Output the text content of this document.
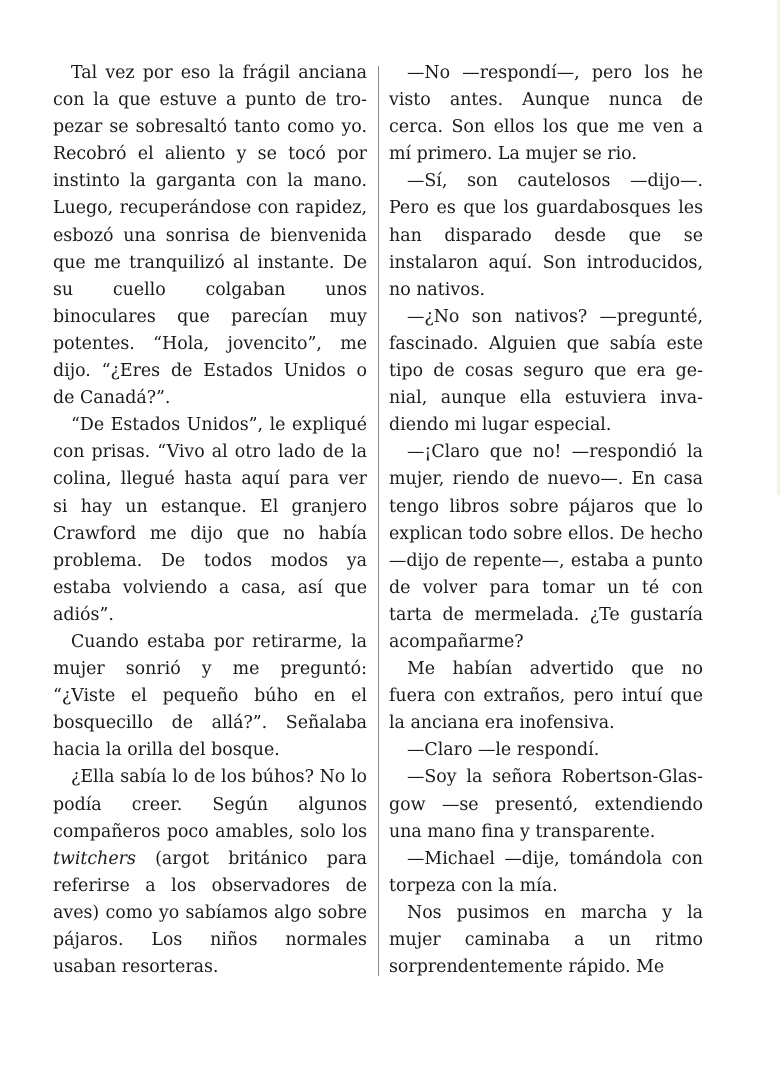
Tal vez por eso la frágil anciana con la que estuve a punto de tropezar se sobresaltó tanto como yo. Recobró el aliento y se tocó por instinto la garganta con la mano. Luego, recuperándose con rapidez, esbozó una sonrisa de bienvenida que me tranquilizó al instante. De su cuello colgaban unos binoculares que parecían muy potentes. “Hola, jovencito”, me dijo. “¿Eres de Estados Unidos o de Canadá?”.

“De Estados Unidos”, le expliqué con prisas. “Vivo al otro lado de la colina, llegué hasta aquí para ver si hay un estanque. El granjero Crawford me dijo que no había problema. De todos modos ya estaba volviendo a casa, así que adiós”.

Cuando estaba por retirarme, la mujer sonrió y me preguntó: “¿Viste el pequeño búho en el bosquecillo de allá?”. Señalaba hacia la orilla del bosque.

¿Ella sabía lo de los búhos? No lo podía creer. Según algunos compañeros poco amables, solo los twitchers (argot británico para referirse a los observadores de aves) como yo sabíamos algo sobre pájaros. Los niños normales usaban resorteras.

—No —respondí—, pero los he visto antes. Aunque nunca de cerca. Son ellos los que me ven a mí primero. La mujer se rio.

—Sí, son cautelosos —dijo—. Pero es que los guardabosques les han disparado desde que se instalaron aquí. Son introducidos, no nativos.

—¿No son nativos? —pregunté, fascinado. Alguien que sabía este tipo de cosas seguro que era genial, aunque ella estuviera invadiendo mi lugar especial.

—¡Claro que no! —respondió la mujer, riendo de nuevo—. En casa tengo libros sobre pájaros que lo explican todo sobre ellos. De hecho —dijo de repente—, estaba a punto de volver para tomar un té con tarta de mermelada. ¿Te gustaría acompañarme?

Me habían advertido que no fuera con extraños, pero intuí que la anciana era inofensiva.

—Claro —le respondí.

—Soy la señora Robertson-Glasgow —se presentó, extendiendo una mano fina y transparente.

—Michael —dije, tomándola con torpeza con la mía.

Nos pusimos en marcha y la mujer caminaba a un ritmo sorprendentemente rápido. Me
